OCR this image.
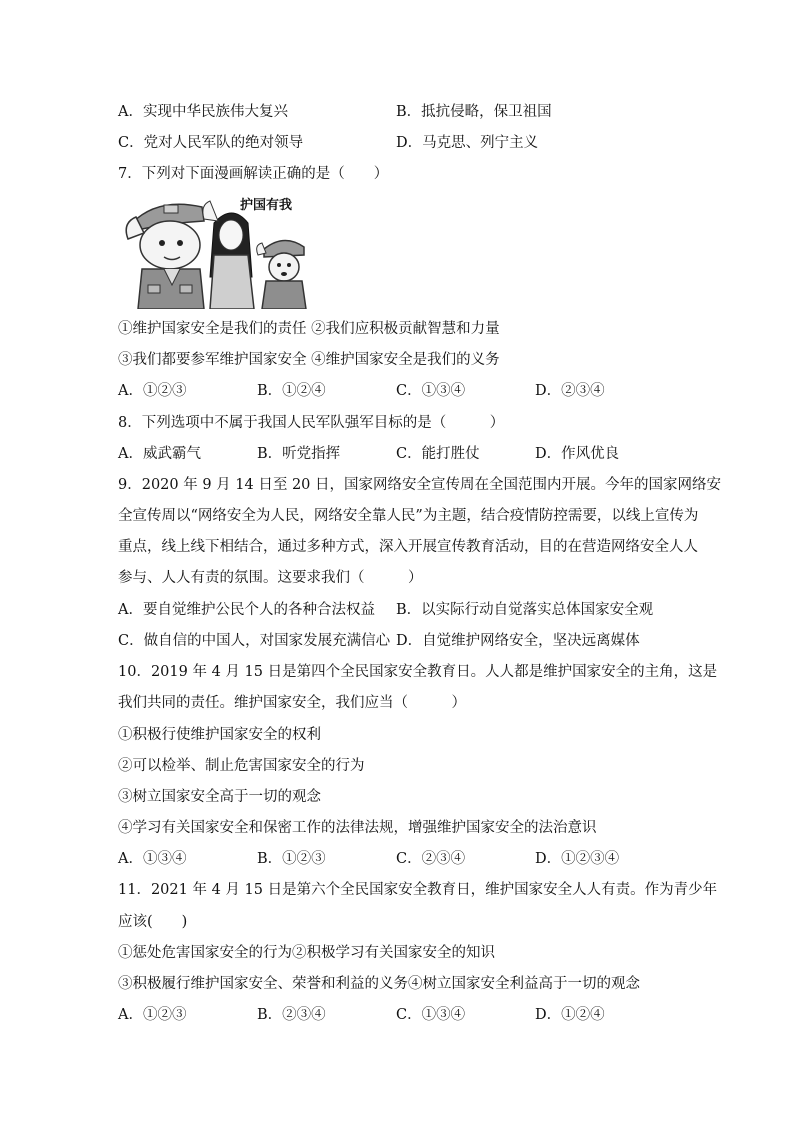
A．实现中华民族伟大复兴	B．抵抗侵略，保卫祖国
C．党对人民军队的绝对领导	D．马克思、列宁主义
7．下列对下面漫画解读正确的是（　　）
护国有我
①维护国家安全是我们的责任 ②我们应积极贡献智慧和力量
③我们都要参军维护国家安全 ④维护国家安全是我们的义务
A．①②③	B．①②④	C．①③④	D．②③④
8．下列选项中不属于我国人民军队强军目标的是（　　　）
A．威武霸气	B．听党指挥	C．能打胜仗	D．作风优良
9．2020 年 9 月 14 日至 20 日，国家网络安全宣传周在全国范围内开展。今年的国家网络安
全宣传周以“网络安全为人民，网络安全靠人民”为主题，结合疫情防控需要，以线上宣传为
重点，线上线下相结合，通过多种方式，深入开展宣传教育活动，目的在营造网络安全人人
参与、人人有责的氛围。这要求我们（　　　）
A．要自觉维护公民个人的各种合法权益 B．以实际行动自觉落实总体国家安全观
C．做自信的中国人，对国家发展充满信心 D．自觉维护网络安全，坚决远离媒体
10．2019 年 4 月 15 日是第四个全民国家安全教育日。人人都是维护国家安全的主角，这是
我们共同的责任。维护国家安全，我们应当（　　　）
①积极行使维护国家安全的权利
②可以检举、制止危害国家安全的行为
③树立国家安全高于一切的观念
④学习有关国家安全和保密工作的法律法规，增强维护国家安全的法治意识
A．①③④	B．①②③	C．②③④	D．①②③④
11．2021 年 4 月 15 日是第六个全民国家安全教育日，维护国家安全人人有责。作为青少年
应该(　　)
①惩处危害国家安全的行为②积极学习有关国家安全的知识
③积极履行维护国家安全、荣誉和利益的义务④树立国家安全利益高于一切的观念
A．①②③	B．②③④	C．①③④	D．①②④
